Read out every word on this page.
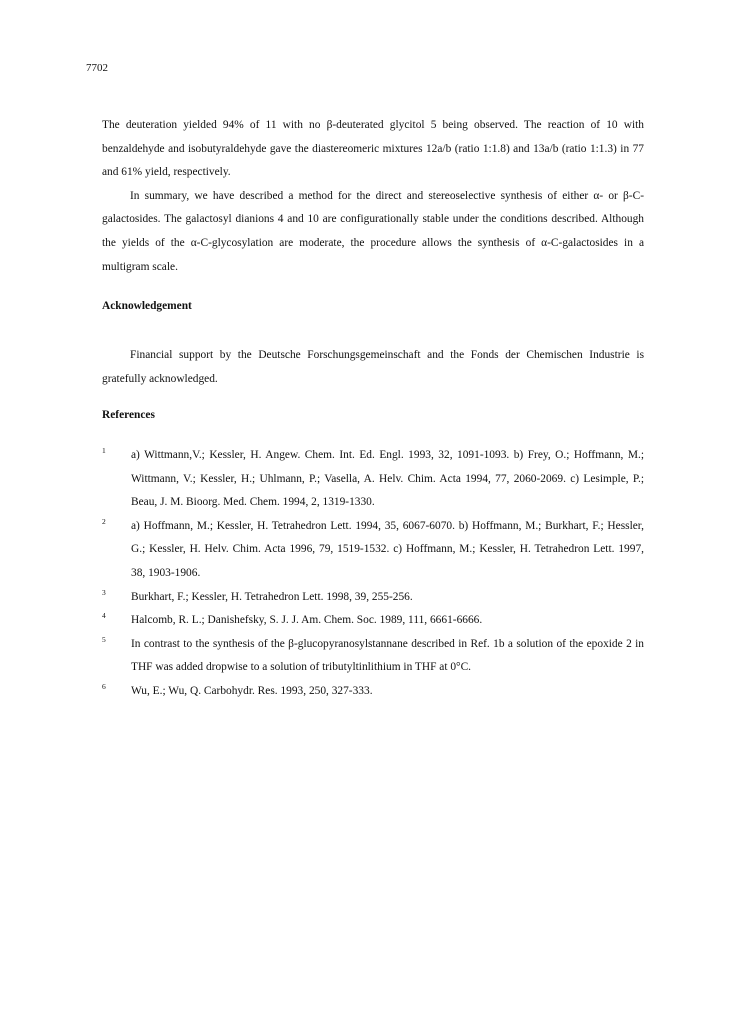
7702

The deuteration yielded 94% of 11 with no β-deuterated glycitol 5 being observed. The reaction of 10 with benzaldehyde and isobutyraldehyde gave the diastereomeric mixtures 12a/b (ratio 1:1.8) and 13a/b (ratio 1:1.3) in 77 and 61% yield, respectively.

In summary, we have described a method for the direct and stereoselective synthesis of either α- or β-C-galactosides. The galactosyl dianions 4 and 10 are configurationally stable under the conditions described. Although the yields of the α-C-glycosylation are moderate, the procedure allows the synthesis of α-C-galactosides in a multigram scale.

Acknowledgement

Financial support by the Deutsche Forschungsgemeinschaft and the Fonds der Chemischen Industrie is gratefully acknowledged.

References
1 a) Wittmann,V.; Kessler, H. Angew. Chem. Int. Ed. Engl. 1993, 32, 1091-1093. b) Frey, O.; Hoffmann, M.; Wittmann, V.; Kessler, H.; Uhlmann, P.; Vasella, A. Helv. Chim. Acta 1994, 77, 2060-2069. c) Lesimple, P.; Beau, J. M. Bioorg. Med. Chem. 1994, 2, 1319-1330.
2 a) Hoffmann, M.; Kessler, H. Tetrahedron Lett. 1994, 35, 6067-6070. b) Hoffmann, M.; Burkhart, F.; Hessler, G.; Kessler, H. Helv. Chim. Acta 1996, 79, 1519-1532. c) Hoffmann, M.; Kessler, H. Tetrahedron Lett. 1997, 38, 1903-1906.
3 Burkhart, F.; Kessler, H. Tetrahedron Lett. 1998, 39, 255-256.
4 Halcomb, R. L.; Danishefsky, S. J. J. Am. Chem. Soc. 1989, 111, 6661-6666.
5 In contrast to the synthesis of the β-glucopyranosylstannane described in Ref. 1b a solution of the epoxide 2 in THF was added dropwise to a solution of tributyltinlithium in THF at 0°C.
6 Wu, E.; Wu, Q. Carbohydr. Res. 1993, 250, 327-333.
